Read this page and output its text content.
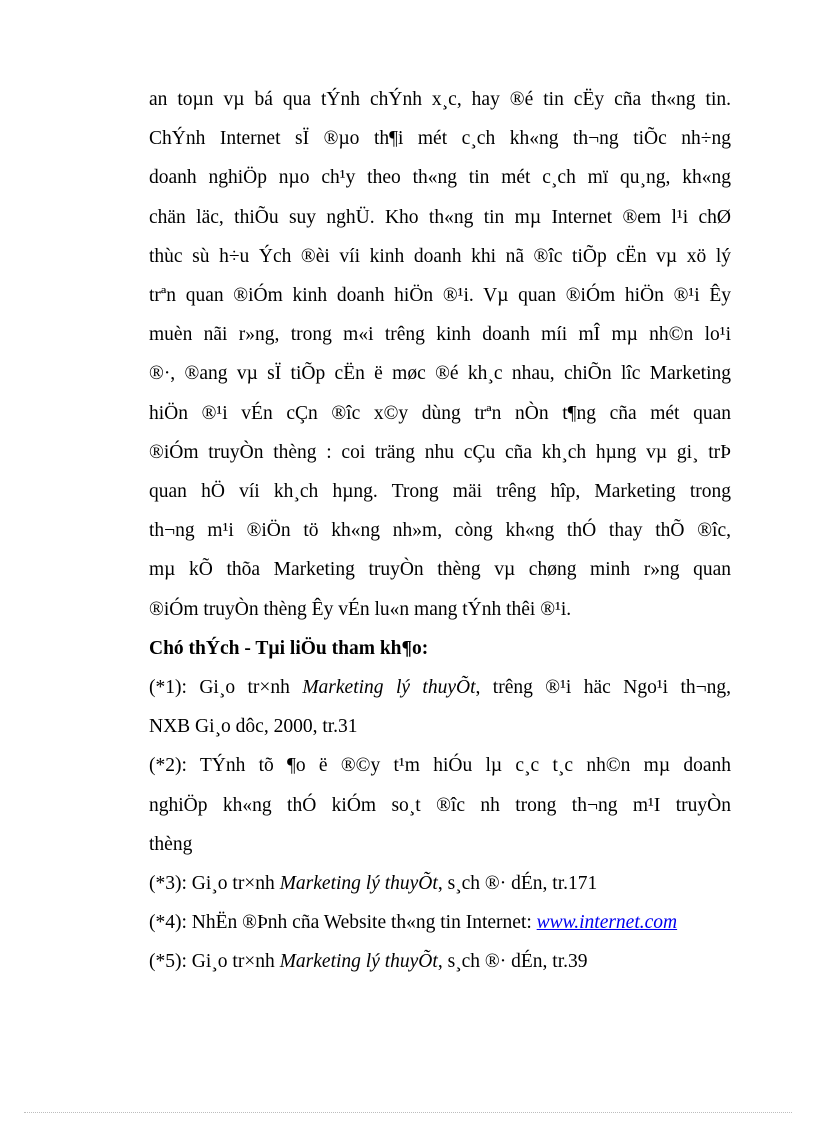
an toµn vµ bá qua tÝnh chÝnh x¸c, hay ®é tin cËy cña th«ng tin.
ChÝnh Internet sÏ ®µo th¶i mét c¸ch kh«ng th¬ng tiÕc nh÷ng
doanh nghiÖp nµo ch¹y theo th«ng tin mét c¸ch mï qu¸ng, kh«ng
chän läc, thiÕu suy nghÜ. Kho th«ng tin mµ Internet ®em l¹i chØ
thùc sù h÷u Ých ®èi víi kinh doanh khi nã ®îc tiÕp cËn vµ xö lý
trªn quan ®iÓm kinh doanh hiÖn ®¹i. Vµ quan ®iÓm hiÖn ®¹i Êy
muèn nãi r»ng, trong m«i trêng kinh doanh míi mÎ mµ nh©n lo¹i
®·, ®ang vµ sÏ tiÕp cËn ë møc ®é kh¸c nhau, chiÕn lîc Marketing
hiÖn ®¹i vÉn cÇn ®îc x©y dùng trªn nÒn t¶ng cña mét quan
®iÓm truyÒn thèng : coi träng nhu cÇu cña kh¸ch hµng vµ gi¸ trÞ
quan hÖ víi kh¸ch hµng. Trong mäi trêng hîp, Marketing trong
th¬ng m¹i ®iÖn tö kh«ng nh»m, còng kh«ng thÓ thay thÕ ®îc,
mµ kÕ thõa Marketing truyÒn thèng vµ chøng minh r»ng quan
®iÓm truyÒn thèng Êy vÉn lu«n mang tÝnh thêi ®¹i.
Chó thÝch - Tµi liÖu tham kh¶o:
(*1): Gi¸o tr×nh Marketing lý thuyÕt, trêng ®¹i häc Ngo¹i th¬ng,
NXB Gi¸o dôc, 2000, tr.31
(*2): TÝnh tõ ¶o ë ®©y t¹m hiÓu lµ c¸c t¸c nh©n mµ doanh
nghiÖp kh«ng thÓ kiÓm so¸t ®îc nh trong th¬ng m¹I truyÒn
thèng
(*3): Gi¸o tr×nh Marketing lý thuyÕt, s¸ch ®· dÉn, tr.171
(*4): NhËn ®Þnh cña Website th«ng tin Internet: www.internet.com
(*5): Gi¸o tr×nh Marketing lý thuyÕt, s¸ch ®· dÉn, tr.39
